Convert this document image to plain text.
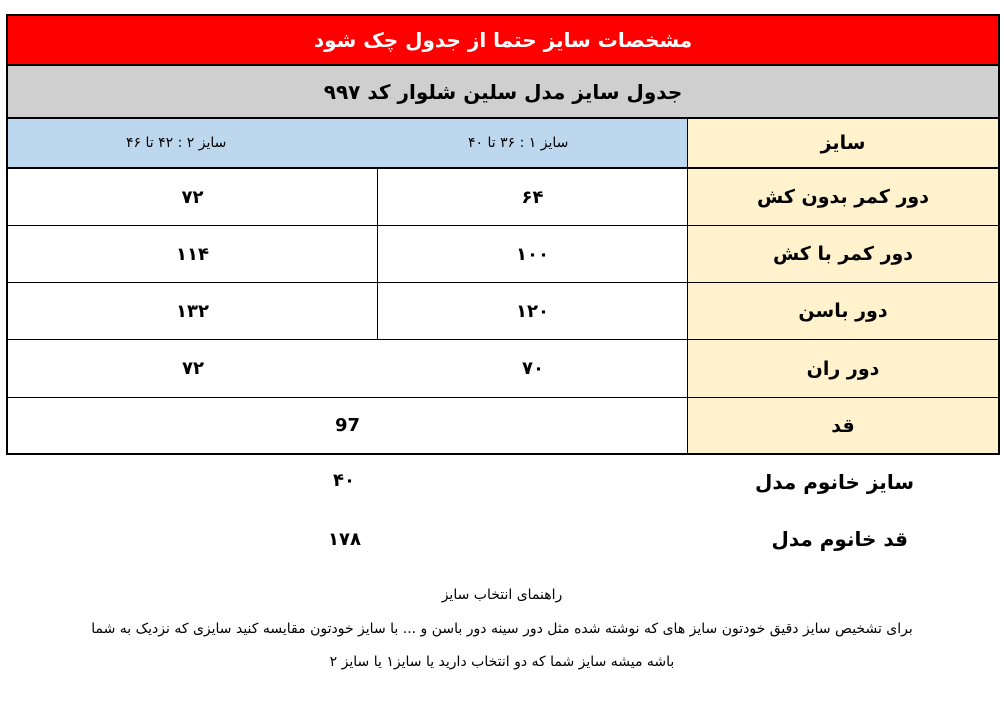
مشخصات سایز حتما از جدول چک شود
جدول سایز مدل سلین شلوار کد ۹۹۷
سایز ۲ : ۴۲ تا ۴۶	سایز ۱ : ۳۶ تا ۴۰	سایز
۷۲	۶۴	دور کمر بدون کش
۱۱۴	۱۰۰	دور کمر با کش
۱۳۲	۱۲۰	دور باسن
۷۲	۷۰	دور ران
97	قد
سایز خانوم مدل
۴۰
قد خانوم مدل
۱۷۸
راهنمای انتخاب سایز
برای تشخیص سایز دقیق خودتون سایز های که نوشته شده مثل دور سینه دور باسن و ... با سایز خودتون مقایسه کنید سایزی که نزدیک به شما
باشه میشه سایز شما که دو انتخاب دارید یا سایز۱ یا سایز ۲
